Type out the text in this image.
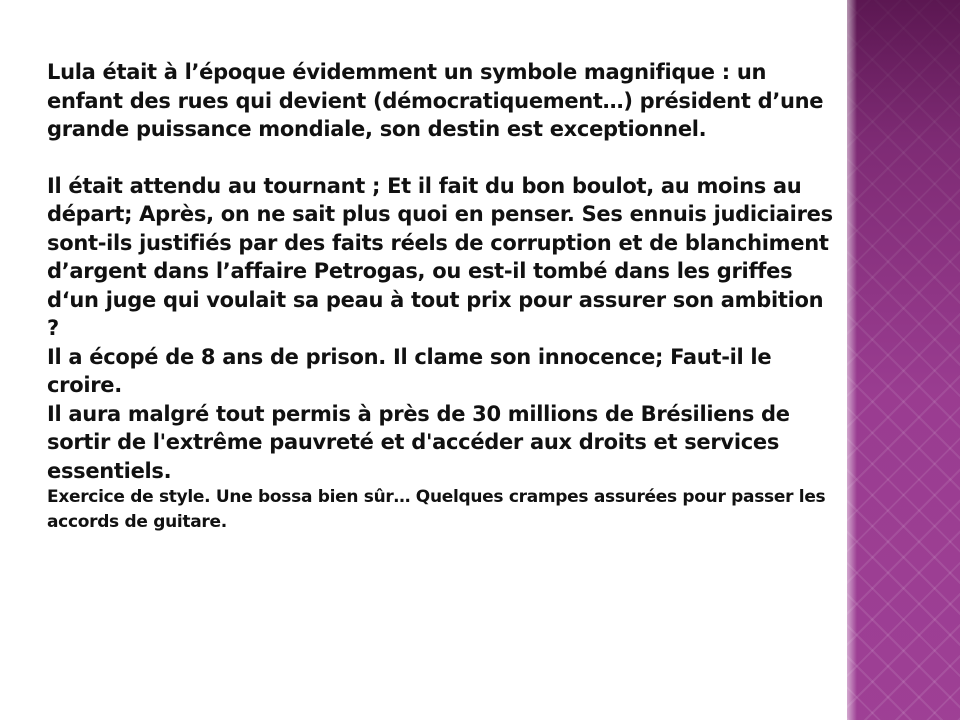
Lula était à l’époque évidemment un symbole magnifique : un enfant des rues qui devient (démocratiquement…) président d’une grande puissance mondiale, son destin est exceptionnel.

Il était attendu au tournant ; Et il fait du bon boulot, au moins au départ; Après, on ne sait plus quoi en penser. Ses ennuis judiciaires sont-ils justifiés par des faits réels de corruption et de blanchiment d’argent dans l’affaire Petrogas, ou est-il tombé dans les griffes d‘un juge qui voulait sa peau à tout prix pour assurer son ambition ?

Il a écopé de 8 ans de prison. Il clame son innocence; Faut-il le croire.

Il aura malgré tout permis à près de 30 millions de Brésiliens de sortir de l'extrême pauvreté et d'accéder aux droits et services essentiels.

Exercice de style. Une bossa bien sûr… Quelques crampes assurées pour passer les accords de guitare.
